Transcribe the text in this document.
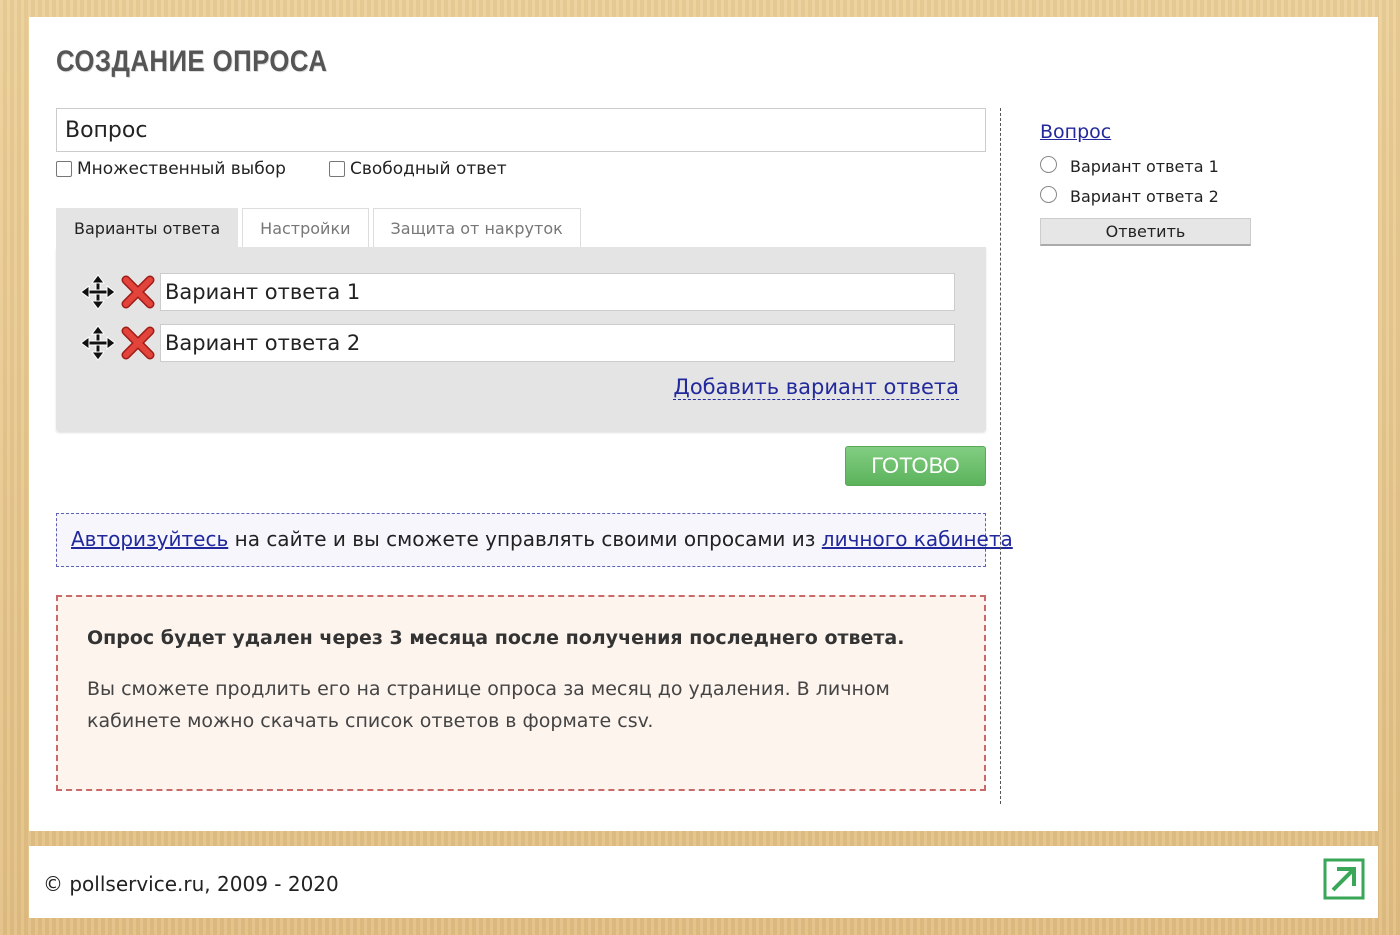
СОЗДАНИЕ ОПРОСА
Вопрос
Множественный выбор	Свободный ответ
Варианты ответа	Настройки	Защита от накруток
Вариант ответа 1
Вариант ответа 2
Добавить вариант ответа
ГОТОВО
Авторизуйтесь на сайте и вы сможете управлять своими опросами из личного кабинета
Опрос будет удален через 3 месяца после получения последнего ответа.
Вы сможете продлить его на странице опроса за месяц до удаления. В личном кабинете можно скачать список ответов в формате csv.
Вопрос
Вариант ответа 1
Вариант ответа 2
Ответить
© pollservice.ru, 2009 - 2020
